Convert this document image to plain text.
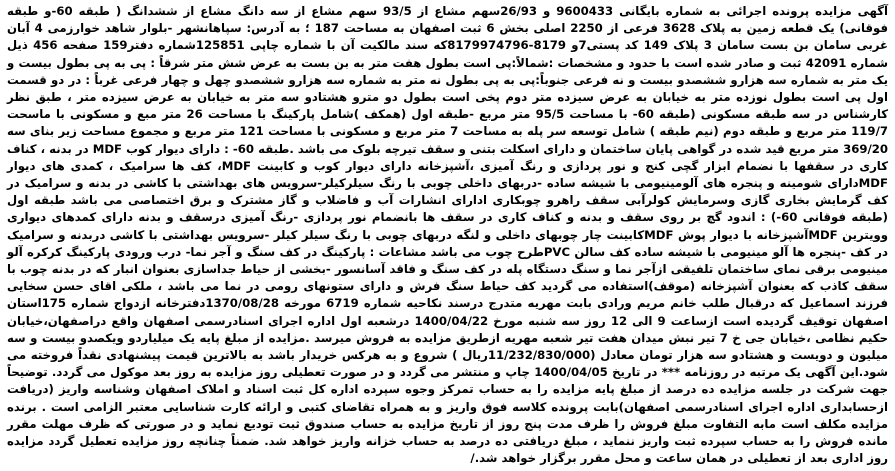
آگهی مزایده پرونده اجرائی به شماره بایگانی 9600433 و 26/93سهم مشاع از 93/5 سهم مشاع از سه دانگ مشاع از ششدانگ ( طبقه 60-و طبقه فوقانی) یک قطعه زمین به پلاک 3628 فرعی از 2250 اصلی بخش 6 ثبت اصفهان به مساحت 187 ؛ به آدرس: سپاهانشهر -بلوار شاهد خوارزمی 4 آبان غربی سامان بن بست سامان 3 پلاک 149 کد پستی7و 8179-8179974796که سند مالکیت آن با شماره چاپی 125851شماره دفتر159 صفحه 456 ذیل شماره 42091 ثبت و صادر شده است با حدود و مشخصات :شمالاً:پی است بطول هفت متر به بن بست به عرض شش متر شرقاً : پی به پی بطول بیست و یک متر به شماره سه هزارو ششصدو بیست و نه فرعی جنوباً:پی به پی بطول نه متر به شماره سه هزارو ششصدو چهل و چهار فرعی غرباً : در دو قسمت اول پی است بطول نوزده متر به خیابان به عرض سیزده متر دوم پخی است بطول دو مترو هشتادو سه متر به خیابان به عرض سیزده متر ، طبق نظر کارشناس در سه طبقه مسکونی (طبقه 60- با مساحت 95/5 متر مربع -طبقه اول (همکف )شامل پارکینگ با مساحت 26 متر مبع و مسکونی با ماسحت 119/7 متر مربع و طبقه دوم (نیم طبقه ) شامل توسعه سر پله به مساحت 7 متر مربع و مسکونی با مساحت 121 متر مربع و مجموع مساحت زیر بنای سه 369/20 متر مربع قید شده در گواهی پایان ساختمان و دارای اسکلت بتنی و سقف تیرچه بلوک می باشد .طبقه 60- : دارای دیوار کوب MDF در بدنه ، کناف کاری در سقفها با نضمام ابزار گچی کنج و نور پردازی و رنگ آمیزی ،آشپزخانه دارای دیوار کوب و کابینت MDF، کف ها سرامیک ، کمدی های دیوار MDFدارای شومینه و پنجره های آلومینیومی با شیشه ساده -دربهای داخلی چوبی با رنگ سیلرکیلر-سرویس های بهداشتی با کاشی در بدنه و سرامیک در کف گرمایش بخاری گازی وسرمایش کولرآبی سقف راهرو چوبکاری ادارای انشارات آب و فاضلاب و گاز مشترک و برق اختصاصی می باشد طبقه اول (طبقه فوقانی 60-) : اندود گچ بر روی سقف و بدنه و کناف کاری در سقف ها بانضمام نور پردازی -رنگ آمیزی درسقف و بدنه دارای کمدهای دیواری وویترین MDFآشپزخانه با دیوار پوش MDFکابینت چار چوبهای داخلی و لنگه دربهای چوبی با رنگ سیلر کیلر -سرویس بهداشتی با کاشی دربدنه و سرامیک در کف -پنجره ها آلو مینیومی با شیشه ساده کف سالن PVCطرح چوب می باشد مشاعات : پارکینگ در کف سنگ و آجر نما- درب ورودی پارکینگ کرکره آلو مینیومی برقی نمای ساختمان تلفیقی ازآجر نما و سنگ دستگاه پله در کف سنگ و فاقد آسانسور -بخشی از حیاط جداسازی بعنوان انبار که در بدنه چوب با سقف کاذب که بعنوان آشپزخانه (موقف)استفاده می گردید کف حیاط سنگ فرش و دارای ستونهای رومی در نما می باشد ، ملکی اقای حسن سخایی فرزند اسماعیل که درقبال طلب خانم مریم ورادی بابت مهریه متدرج درسند نکاحیه شماره 6719 مورخه 1370/08/28دفترخانه ازدواج شماره 175استان اصفهان توقیف گردیده است ازساعت 9 الی 12 روز سه شنبه مورخ 1400/04/22 درشعبه اول اداره اجرای اسنادرسمی اصفهان واقع دراصفهان،خیابان حکیم نظامی ،خیابان جی خ 7 تیر نبش میدان هفت تیر شعبه مهریه ازطریق مزایده به فروش میرسد .مزایده از مبلغ پایه یک میلیاردو ویکصدو بیست و سه میلیون و دویست و هشتادو سه هزار تومان معادل (11/232/830/000ریال ) شروع و به هرکس خریدار باشد به بالاترین قیمت پیشنهادی نقداً فروخته می شود.این آگهی یک مرتبه در روزنامه *** در تاریخ 1400/04/05 چاپ و منتشر می گردد و در صورت تعطیلی روز مزایده به روز بعد موکول می گردد. توضیحاً جهت شرکت در جلسه مزایده ده درصد از مبلغ پایه مزایده را به حساب تمرکز وجوه سپرده اداره کل ثبت اسناد و املاک اصفهان وشناسه واریز (دریافت ازحسابداری اداره اجرای اسنادرسمی اصفهان)بابت پرونده کلاسه فوق واریز و به همراه تقاضای کتبی و ارائه کارت شناسایی معتبر الزامی است . برنده مزایده مکلف است مابه التفاوت مبلغ فروش را ظرف مدت پنج روز از تاریخ مزایده به حساب صندوق ثبت تودیع نماید و در صورتی که ظرف مهلت مقرر مانده فروش را به حساب سپرده ثبت واریز ننماید ، مبلغ دریافتی ده درصد به حساب خزانه واریز خواهد شد. ضمناً چنانچه روز مزایده تعطیل گردد مزایده روز اداری بعد از تعطیلی در همان ساعت و محل مقرر برگزار خواهد شد./
